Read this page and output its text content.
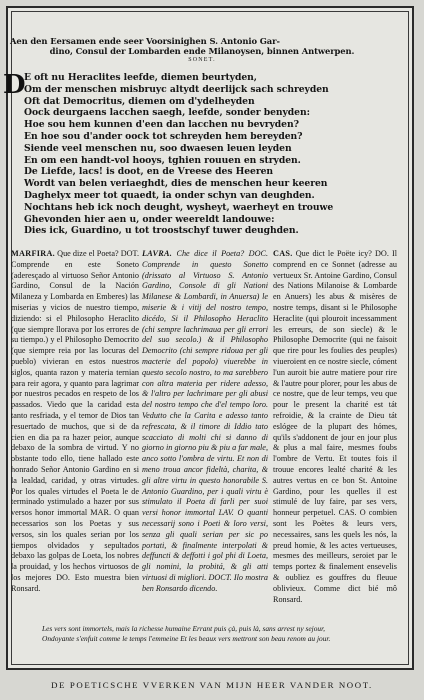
Aen den Eersamen ende seer Voorsinighen S. Antonio Gar-

dino, Consul der Lombarden ende Milanoysen, binnen Antwerpen.

SONET.

D

E oft nu Heraclites leefde, diemen beurtyden,

Om der menschen misbruyc altydt deerlijck sach schreyden

Oft dat Democritus, diemen om d'ydelheyden

Oock deurgaens lacchen saegh, leefde, sonder benyden:

Hoe sou hem kunnen d'een dan lacchen nu bevryden?

En hoe sou d'ander oock tot schreyden hem bereyden?

Siende veel menschen nu, soo dwaesen leuen leyden

En om een handt-vol hooys, tghien rouuen en stryden.

De Liefde, lacs! is doot, en de Vreese des Heeren

Wordt van belen veriaeghdt, dies de menschen heur keeren

Daghelyx meer tot quaedt, ia onder schyn van deughden.

Nochtans heb ick noch deught, wysheyt, waerheyt en trouwe

Ghevonden hier aen u, onder weereldt landouwe:

Dies ick, Guardino, u tot troostschyf tuwer deughden.

MARFIRA. Que dize el Poeta? DOT. Comprende en este Soneto (aderesçado al virtuoso Señor Antonio Gardino, Consul de la Nación Milaneza y Lombarda en Emberes) las miserias y vicios de nuestro tiempo, diziendo: si el Philosopho Heraclito (que siempre llorava por los errores de su tiempo.) y el Philosopho Democrito (que siempre reia por las locuras del pueblo) vivieran en estos nuestros siglos, quanta razon y materia ternian para reir agora, y quanto para lagrimar por nuestros pecados en respeto de los passados. Viedo que la caridad esta tanto resfriada, y el temor de Dios tan resuertado de muchos, que si de da cien en dia pa ra hazer peior, aunque debaxo de la sombra de virtud. Y no obstante todo ello, tiene hallado este honrado Señor Antonio Gardino en si la lealdad, caridad, y otras virtudes. Por los quales virtudes el Poeta le de terminado ystimulado a hazer por sus versos honor immortal MAR. O quan necessarios son los Poetas y sus versos, sin los quales serian por los tiempos olvidados y sepultados debaxo las golpas de Loeta, los nobres la prouidad, y los hechos virtuosos de los mejores DO. Esto muestra bien Ronsard.

LAVRA. Che dice il Poeta? DOC. Comprende in questo Sonetto (drissato al Virtuoso S. Antonio Gardino, Console di gli Nationi Milanese & Lombardi, in Anuersa) le miserie & i vitij del nostro tempo, dicédo, Si il Philosopho Heraclito (chi sempre lachrimaua per gli errori del suo secolo.) & il Philosopho Democrito (chi sempre ridoua per gli macterie del popolo) viuerebbe in questo secolo nostro, to ma sarebbero con altra materia per ridere adesso, & l'altro per lachrimare per gli abusi del nostro tempo che d'el tempo loro. Vedutto che la Carita e adesso tanto refrescata, & il timore di Iddio tato scacciato di molti chi si danno di giorno in giorno piu & piu a far male, anco sotto l'ombra de virtu. Et non di meno troua ancor fideltà, charita, & gli altre virtu in questo honorabile S. Antonio Guardino, per i quali virtu è stimulato il Poeta di farli per suoi versi honor immortal LAV. O quanti necessarij sono i Poeti & loro versi, senza gli quali serian per sic po portati, & finalmente interpolati & deffuncti & deffotti i gol phi di Loeta, gli nomini, la probitá, & gli atti virtuosi di migliori. DOCT. Ilo mostra ben Ronsardo dicendo.

CAS. Que dict le Poëte icy? DO. Il comprend en ce Sonnet (adresse au vertueux Sr. Antoine Gardino, Consul des Nations Milanoise & Lombarde en Anuers) les abus & misères de nostre temps, disant si le Philosophe Heraclite (qui plouroit incessamment les erreurs, de son siecle) & le Philosophe Democrite (qui ne faisoit que rire pour les foulies des peuples) viueroient en ce nostre siecle, cóment l'un auroit bie autre matiere pour rire & l'autre pour plorer, pour les abus de ce nostre, que de leur temps, veu que pour le present la charité est tát refroidie, & la crainte de Dieu tát eslógee de la plupart des hómes, qu'ils s'addonent de jour en jour plus & plus a mal faire, mesmes foubs l'ombre de Vertu. Et toutes fois il trouue encores lealté charité & les autres vertus en ce bon St. Antoine Gardino, pour les quelles il est stimulé de luy faire, par ses vers, honneur perpetuel. CAS. O combien sont les Poètes & leurs vers, necessaires, sans les quels les nós, la preud homie, & les actes vertueuses, mesmes des meilleurs, seroiet par le temps portez & finalement ensevelis & oubliez es gouffres du fleuue oblivieux. Comme dict bié mô Ronsard.

Les vers sont immortels, mais la richesse humaine Errant puis çà, puis là, sans arrest ny sejour,

Ondoyante s'enfuit comme le temps l'emmeine Et les beaux vers mettront son beau renom au jour.

DE POETICSCHE VVERKEN VAN MIJN HEER VANDER NOOT.
